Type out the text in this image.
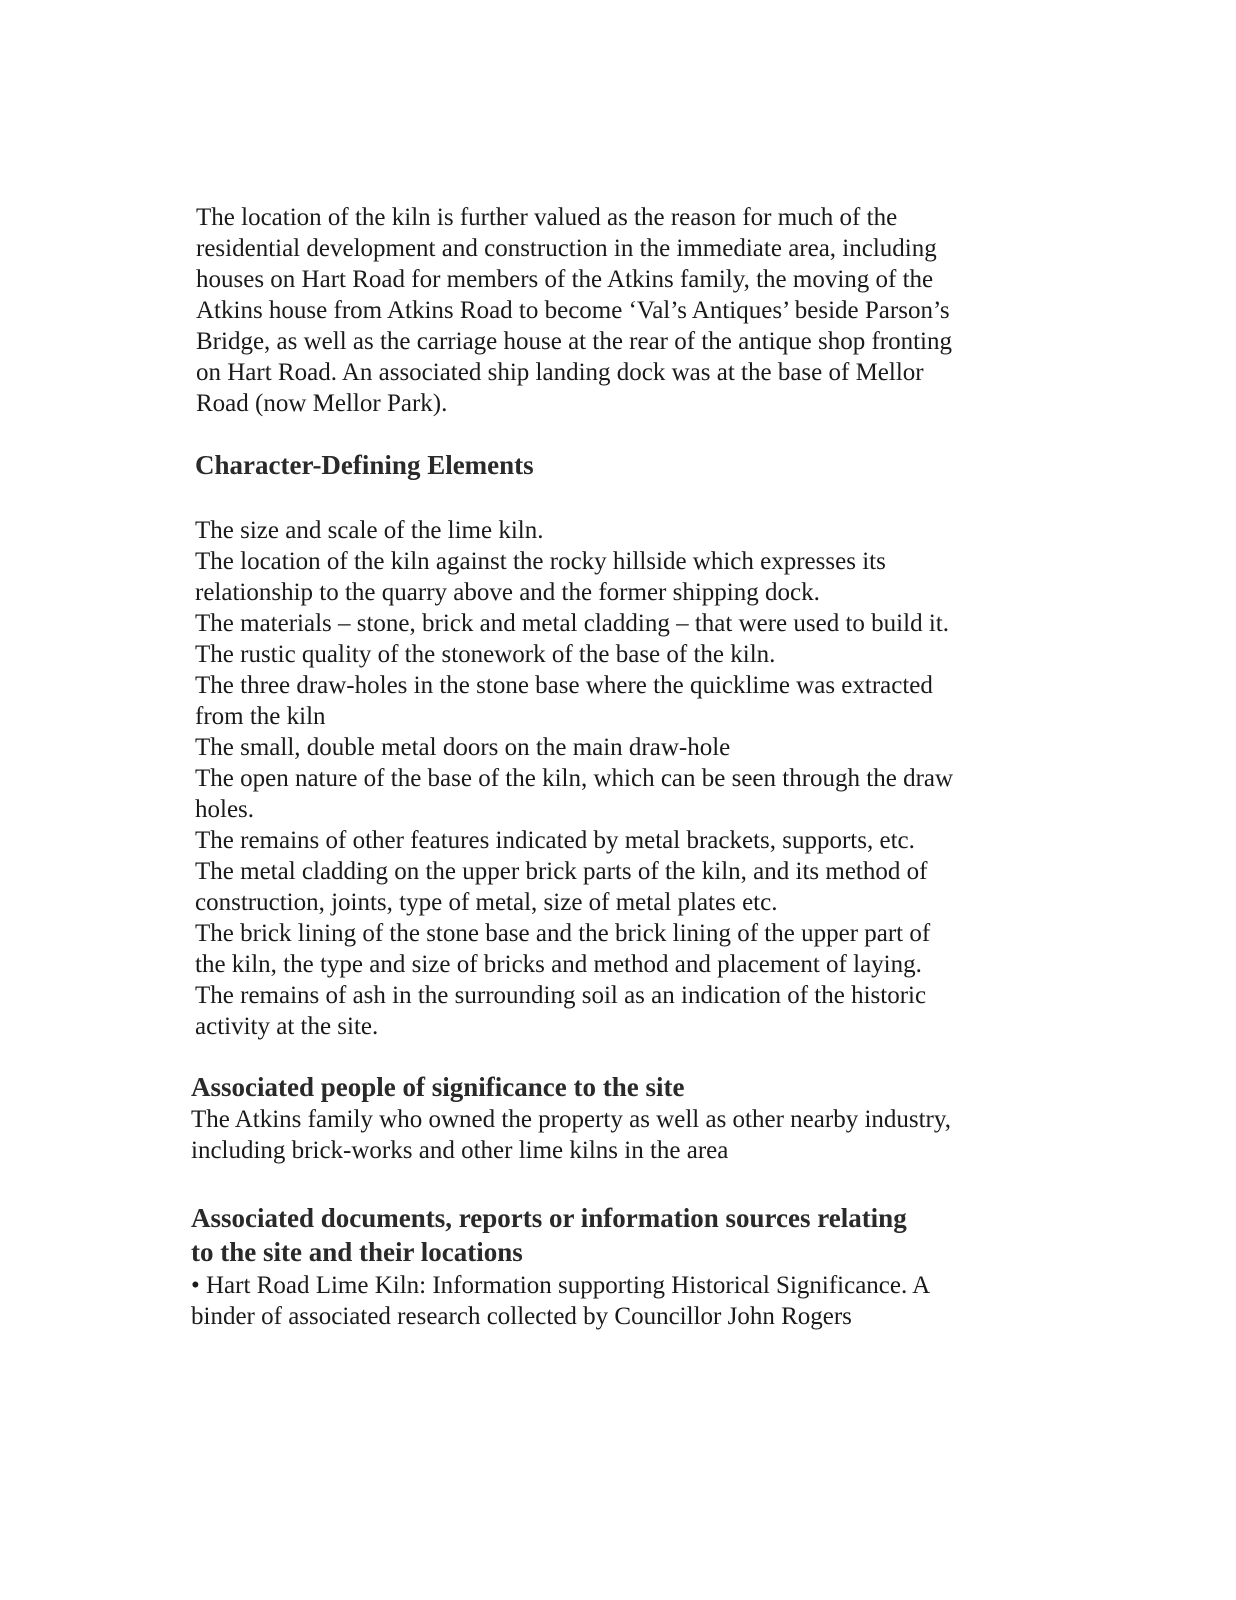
The location of the kiln is further valued as the reason for much of the
residential development and construction in the immediate area, including
houses on Hart Road for members of the Atkins family, the moving of the
Atkins house from Atkins Road to become ‘Val’s Antiques’ beside Parson’s
Bridge, as well as the carriage house at the rear of the antique shop fronting
on Hart Road. An associated ship landing dock was at the base of Mellor
Road (now Mellor Park).
Character-Defining Elements
The size and scale of the lime kiln.
The location of the kiln against the rocky hillside which expresses its
relationship to the quarry above and the former shipping dock.
The materials – stone, brick and metal cladding – that were used to build it.
The rustic quality of the stonework of the base of the kiln.
The three draw-holes in the stone base where the quicklime was extracted
from the kiln
The small, double metal doors on the main draw-hole
The open nature of the base of the kiln, which can be seen through the draw
holes.
The remains of other features indicated by metal brackets, supports, etc.
The metal cladding on the upper brick parts of the kiln, and its method of
construction, joints, type of metal, size of metal plates etc.
The brick lining of the stone base and the brick lining of the upper part of
the kiln, the type and size of bricks and method and placement of laying.
The remains of ash in the surrounding soil as an indication of the historic
activity at the site.
Associated people of significance to the site
The Atkins family who owned the property as well as other nearby industry,
including brick-works and other lime kilns in the area
Associated documents, reports or information sources relating
to the site and their locations
• Hart Road Lime Kiln: Information supporting Historical Significance. A
binder of associated research collected by Councillor John Rogers
